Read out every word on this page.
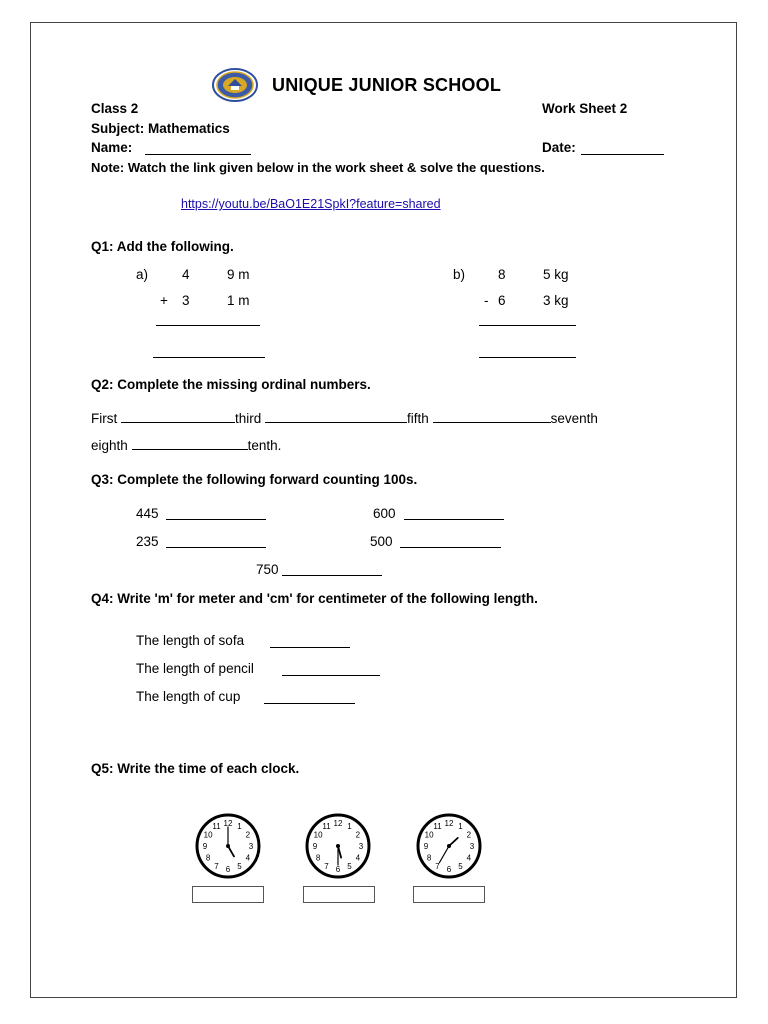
UNIQUE JUNIOR SCHOOL
Class 2	Work Sheet 2
Subject: Mathematics
Name:	Date:
Note: Watch the link given below in the work sheet & solve the questions.
https://youtu.be/BaO1E21SpkI?feature=shared
Q1: Add the following.
a)	4	9 m
+ 3	1 m
b) 8	5 kg
- 6	3 kg
Q2: Complete the missing ordinal numbers.
First	third	fifth	seventh
eighth	tenth.
Q3: Complete the following forward counting 100s.
445	600
235	500
750
Q4: Write 'm' for meter and 'cm' for centimeter of the following length.
The length of sofa
The length of pencil
The length of cup
Q5: Write the time of each clock.
12 1
2
3
4
5
6
7
8
9
10
11	12 1
2
3
4
5
6
7
8
9
10
11	12 1
2
3
4
5
6
7
8
9
10
11
